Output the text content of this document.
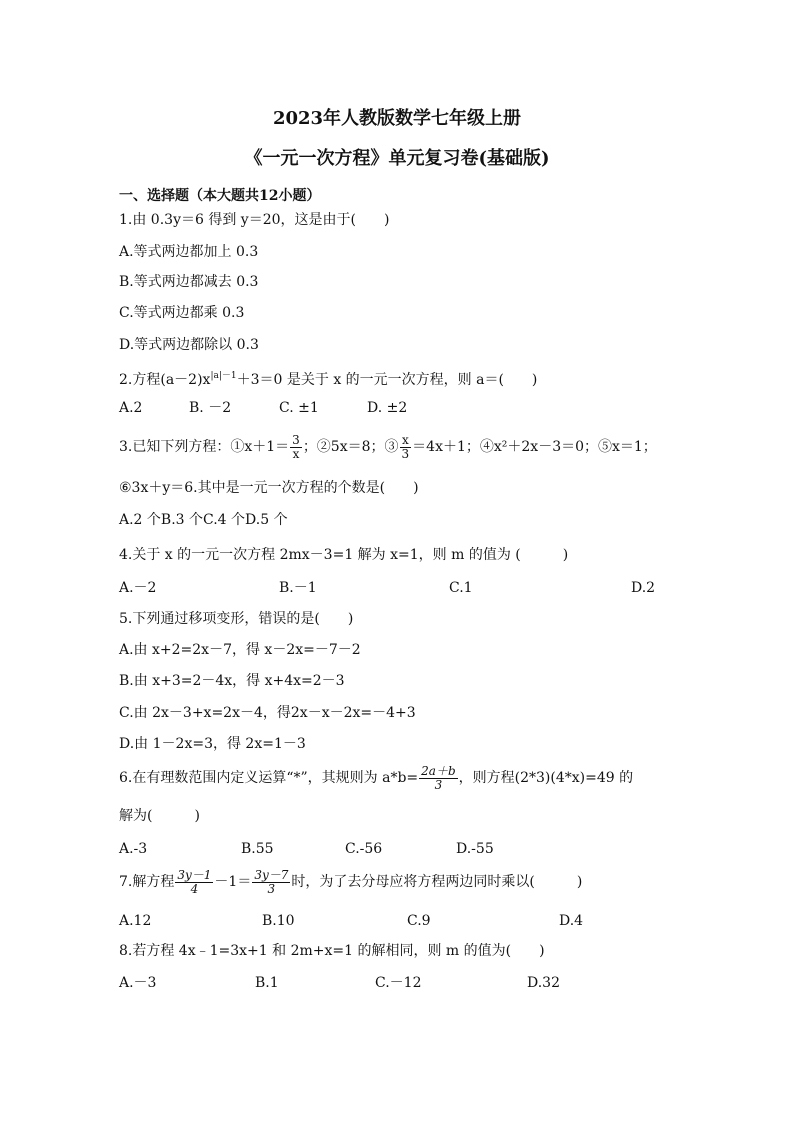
2023年人教版数学七年级上册
《一元一次方程》单元复习卷(基础版)
一、选择题（本大题共12小题）
1.由 0.3y＝6 得到 y＝20，这是由于(　　)
A.等式两边都加上 0.3
B.等式两边都减去 0.3
C.等式两边都乘 0.3
D.等式两边都除以 0.3
2.方程$(a-2)x^{|a|-1}+3=0$ 是关于 x 的一元一次方程，则 a＝(　　)
A.2	B. －2	C. ±1	D. ±2
3.已知下列方程：①x＋1＝ $\frac{3}{x}$ ；②5x＝8；③ $\frac{x}{3} =4x+1$；④x²＋2x－3＝0；⑤x＝1；
⑥3x＋y＝6.其中是一元一次方程的个数是(　　)
A.2 个B.3 个C.4 个D.5 个
4.关于 x 的一元一次方程 2mx－3=1 解为 x=1，则 m 的值为 (　　　)
A.－2	B.－1	C.1	D.2
5.下列通过移项变形，错误的是(　　)
A.由 x+2=2x－7，得 x－2x=－7－2
B.由 x+3=2－4x，得 x+4x=2－3
C.由 2x－3+x=2x－4，得2x－x－2x=－4+3
D.由 1－2x=3，得 2x=1－3
6.在有理数范围内定义运算“*”，其规则为 $a*b= \frac{2a+b}{3}$ ，则方程(2*3)(4*x)=49 的
解为(　　　)
A.-3	B.55	C.-56	D.-55
7.解方程 $\frac{3y-1}{4} -1= \frac{3y-7}{3}$ 时，为了去分母应将方程两边同时乘以(　　　)
A.12	B.10	C.9	D.4
8.若方程 4x﹣1=3x+1 和 2m+x=1 的解相同，则 m 的值为(　　)
A.－3	B.1	C.－12	D.32
